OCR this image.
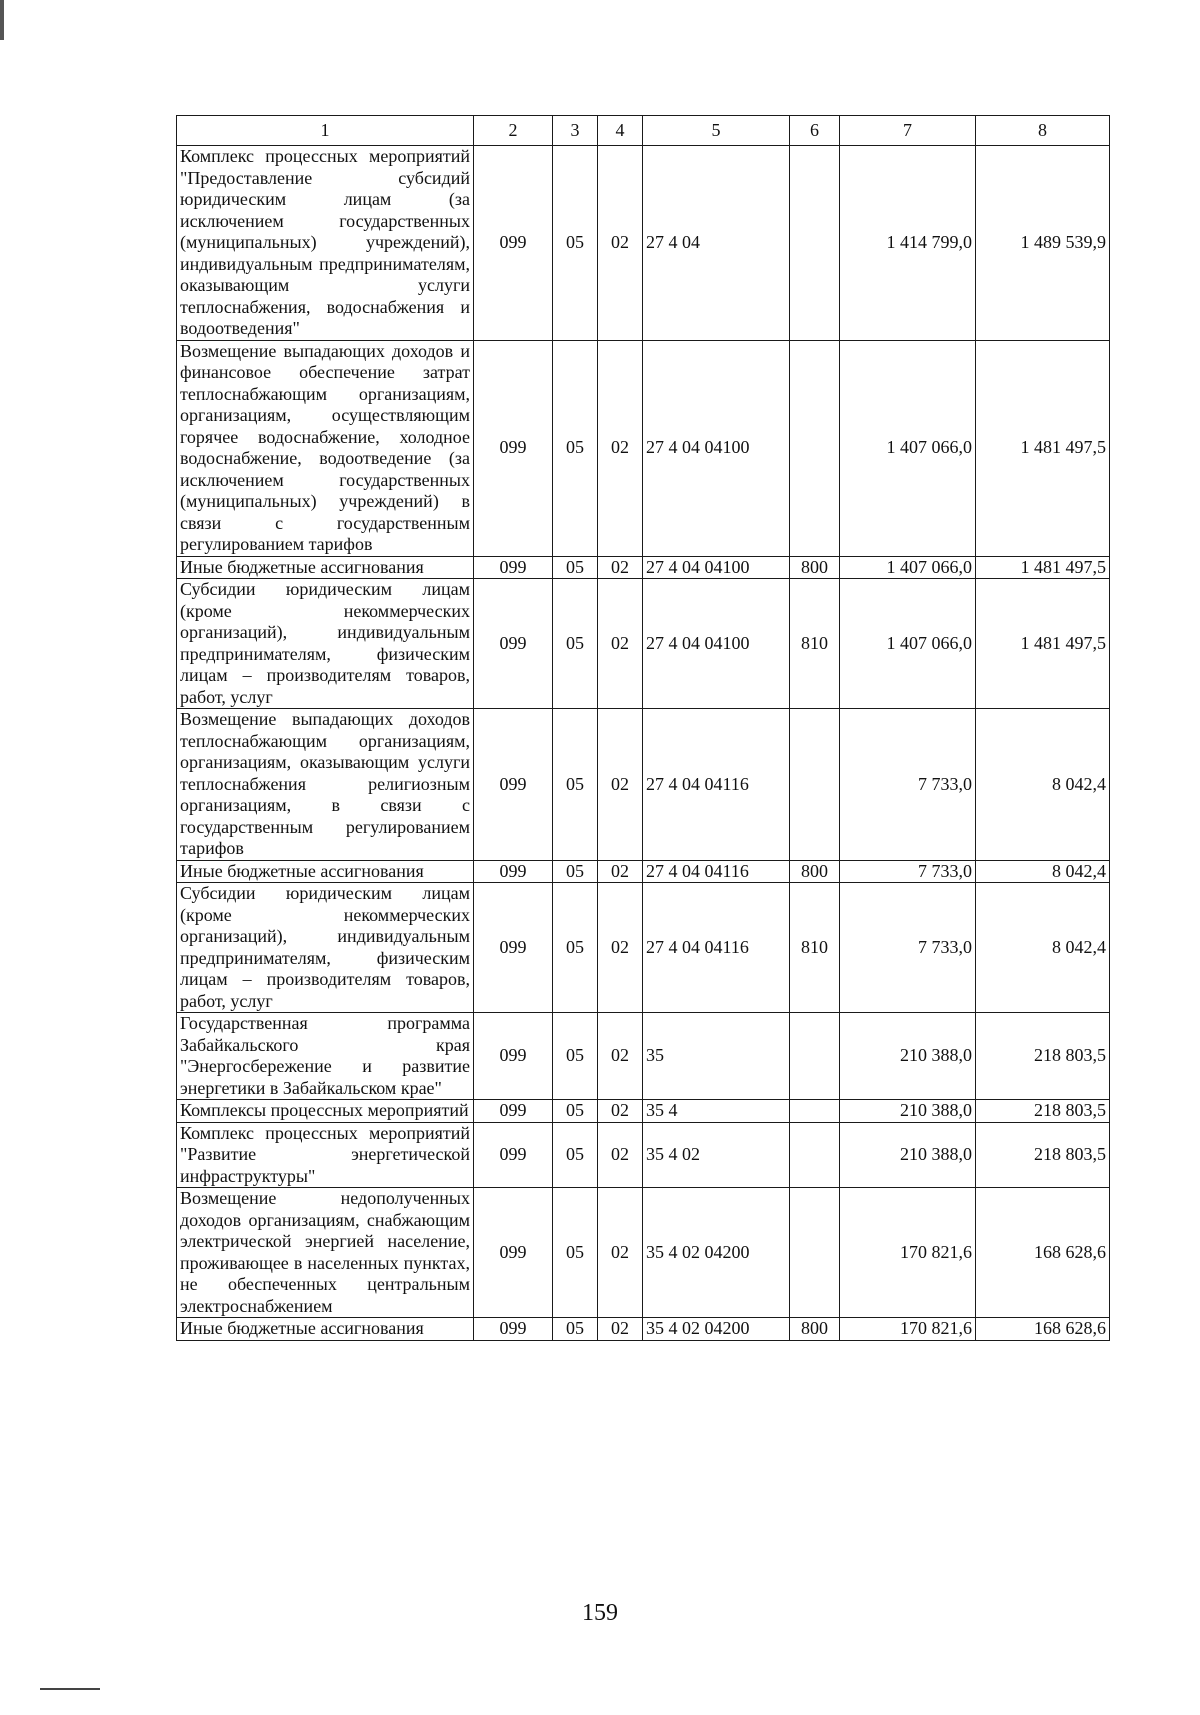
1	2	3	4	5	6	7	8
Комплекс процессных мероприятий "Предоставление субсидий юридическим лицам (за исключением государственных (муниципальных) учреждений), индивидуальным предпринимателям, оказывающим услуги теплоснабжения, водоснабжения и водоотведения"	099	05	02	27 4 04		1 414 799,0	1 489 539,9
Возмещение выпадающих доходов и финансовое обеспечение затрат теплоснабжающим организациям, организациям, осуществляющим горячее водоснабжение, холодное водоснабжение, водоотведение (за исключением государственных (муниципальных) учреждений) в связи с государственным регулированием тарифов	099	05	02	27 4 04 04100		1 407 066,0	1 481 497,5
Иные бюджетные ассигнования	099	05	02	27 4 04 04100	800	1 407 066,0	1 481 497,5
Субсидии юридическим лицам (кроме некоммерческих организаций), индивидуальным предпринимателям, физическим лицам – производителям товаров, работ, услуг	099	05	02	27 4 04 04100	810	1 407 066,0	1 481 497,5
Возмещение выпадающих доходов теплоснабжающим организациям, организациям, оказывающим услуги теплоснабжения религиозным организациям, в связи с государственным регулированием тарифов	099	05	02	27 4 04 04116		7 733,0	8 042,4
Иные бюджетные ассигнования	099	05	02	27 4 04 04116	800	7 733,0	8 042,4
Субсидии юридическим лицам (кроме некоммерческих организаций), индивидуальным предпринимателям, физическим лицам – производителям товаров, работ, услуг	099	05	02	27 4 04 04116	810	7 733,0	8 042,4
Государственная программа Забайкальского края "Энергосбережение и развитие энергетики в Забайкальском крае"	099	05	02	35		210 388,0	218 803,5
Комплексы процессных мероприятий	099	05	02	35 4		210 388,0	218 803,5
Комплекс процессных мероприятий "Развитие энергетической инфраструктуры"	099	05	02	35 4 02		210 388,0	218 803,5
Возмещение недополученных доходов организациям, снабжающим электрической энергией население, проживающее в населенных пунктах, не обеспеченных центральным электроснабжением	099	05	02	35 4 02 04200		170 821,6	168 628,6
Иные бюджетные ассигнования	099	05	02	35 4 02 04200	800	170 821,6	168 628,6
159
